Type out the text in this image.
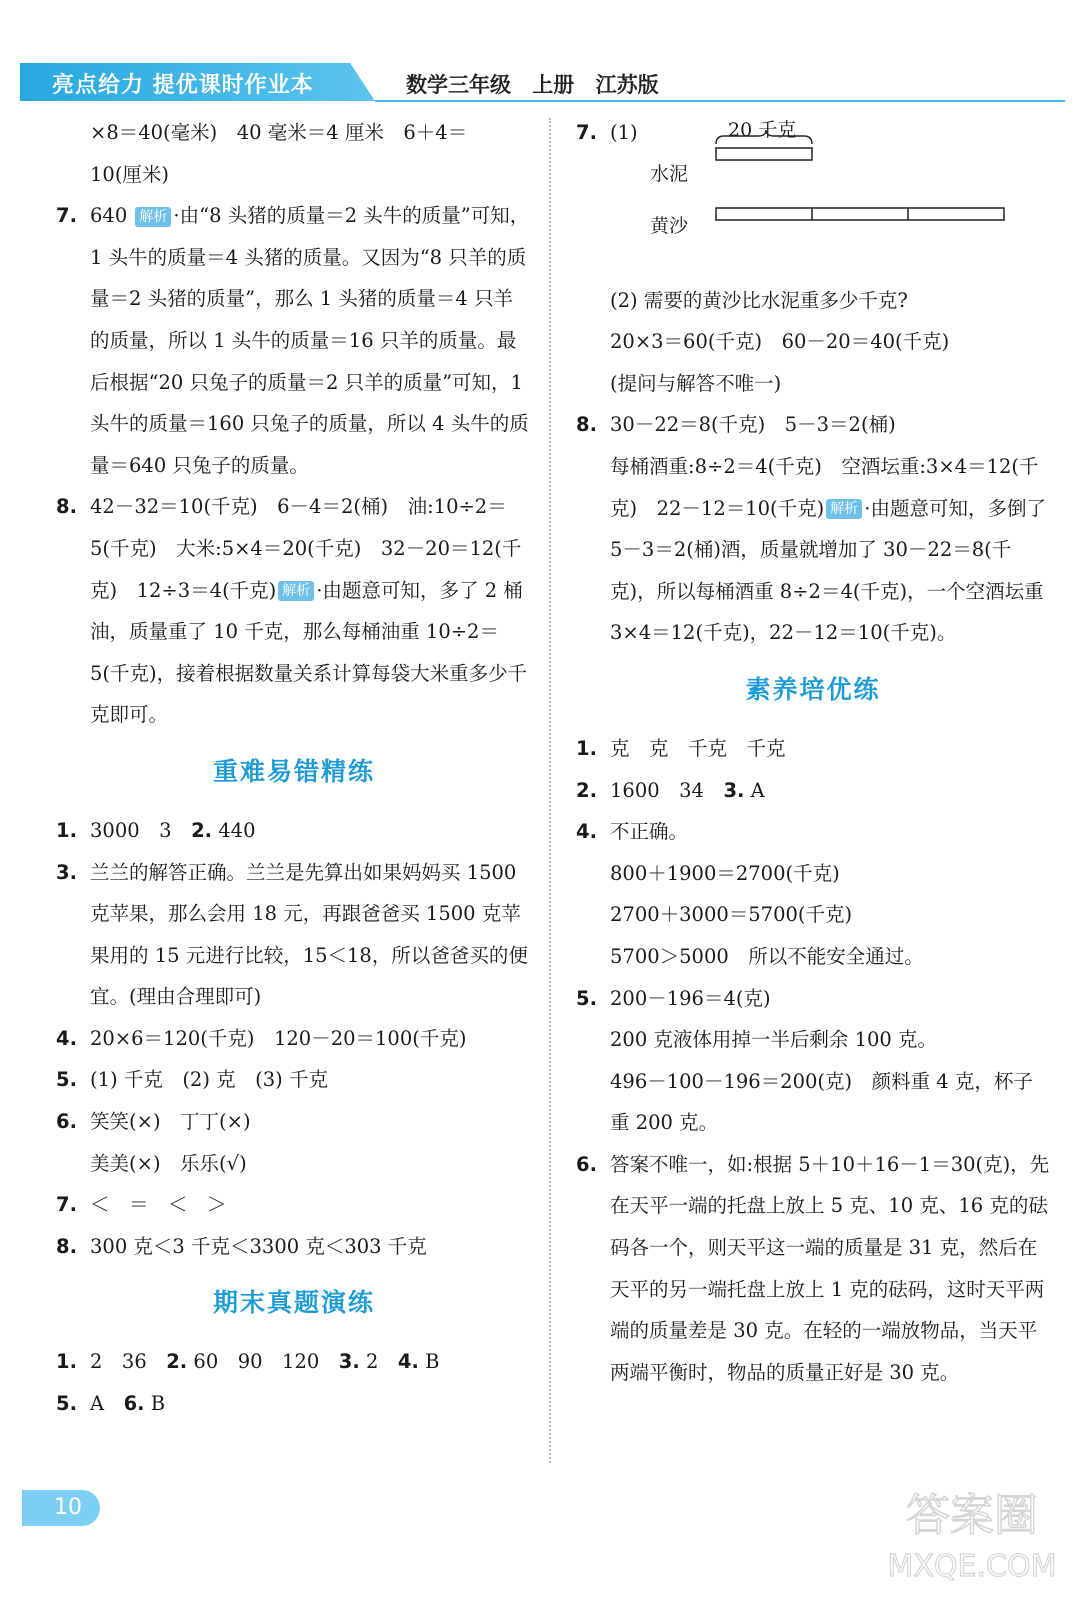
亮点给力 提优课时作业本	数学三年级 上册 江苏版
×8＝40(毫米)　40 毫米＝4 厘米　6＋4＝
10(厘米)
7. 640 解析 ·由“8 头猪的质量＝2 头牛的质量”可知，1 头牛的质量＝4 头猪的质量。又因为“8 只羊的质量＝2 头猪的质量”，那么 1 头猪的质量＝4 只羊的质量，所以 1 头牛的质量＝16 只羊的质量。最后根据“20 只兔子的质量＝2 只羊的质量”可知，1 头牛的质量＝160 只兔子的质量，所以 4 头牛的质量＝640 只兔子的质量。
8. 42－32＝10(千克)　6－4＝2(桶)　油:10÷2＝5(千克)　大米:5×4＝20(千克)　32－20＝12(千克)　12÷3＝4(千克) 解析 ·由题意可知，多了 2 桶油，质量重了 10 千克，那么每桶油重 10÷2＝5(千克)，接着根据数量关系计算每袋大米重多少千克即可。
重难易错精练
1. 3000　3　 2. 440
3. 兰兰的解答正确。兰兰是先算出如果妈妈买 1500 克苹果，那么会用 18 元，再跟爸爸买 1500 克苹果用的 15 元进行比较，15＜18，所以爸爸买的便宜。(理由合理即可)
4. 20×6＝120(千克)　120－20＝100(千克)
5. (1) 千克　(2) 克　(3) 千克
6. 笑笑(×)　丁丁(×)
美美(×)　乐乐(√)
7. ＜　＝　＜　＞
8. 300 克＜3 千克＜3300 克＜303 千克
期末真题演练
1. 2　36　2. 60　90　120　3. 2　4. B
5. A　6. B
7. (1)	20 千克
水泥
黄沙
(2) 需要的黄沙比水泥重多少千克?
20×3＝60(千克)　60－20＝40(千克)
(提问与解答不唯一)
8. 30－22＝8(千克)　5－3＝2(桶)
每桶酒重:8÷2＝4(千克)　空酒坛重:3×4＝12(千克)　22－12＝10(千克) 解析 ·由题意可知，多倒了 5－3＝2(桶)酒，质量就增加了 30－22＝8(千克)，所以每桶酒重 8÷2＝4(千克)，一个空酒坛重 3×4＝12(千克)，22－12＝10(千克)。
素养培优练
1. 克　克　千克　千克
2. 1600　34　3. A
4. 不正确。
800＋1900＝2700(千克)
2700＋3000＝5700(千克)
5700＞5000　所以不能安全通过。
5. 200－196＝4(克)
200 克液体用掉一半后剩余 100 克。
496－100－196＝200(克)　颜料重 4 克，杯子重 200 克。
6. 答案不唯一，如:根据 5＋10＋16－1＝30(克)，先在天平一端的托盘上放上 5 克、10 克、16 克的砝码各一个，则天平这一端的质量是 31 克，然后在天平的另一端托盘上放上 1 克的砝码，这时天平两端的质量差是 30 克。在轻的一端放物品，当天平两端平衡时，物品的质量正好是 30 克。
10	答案圈
MXQE.COM
